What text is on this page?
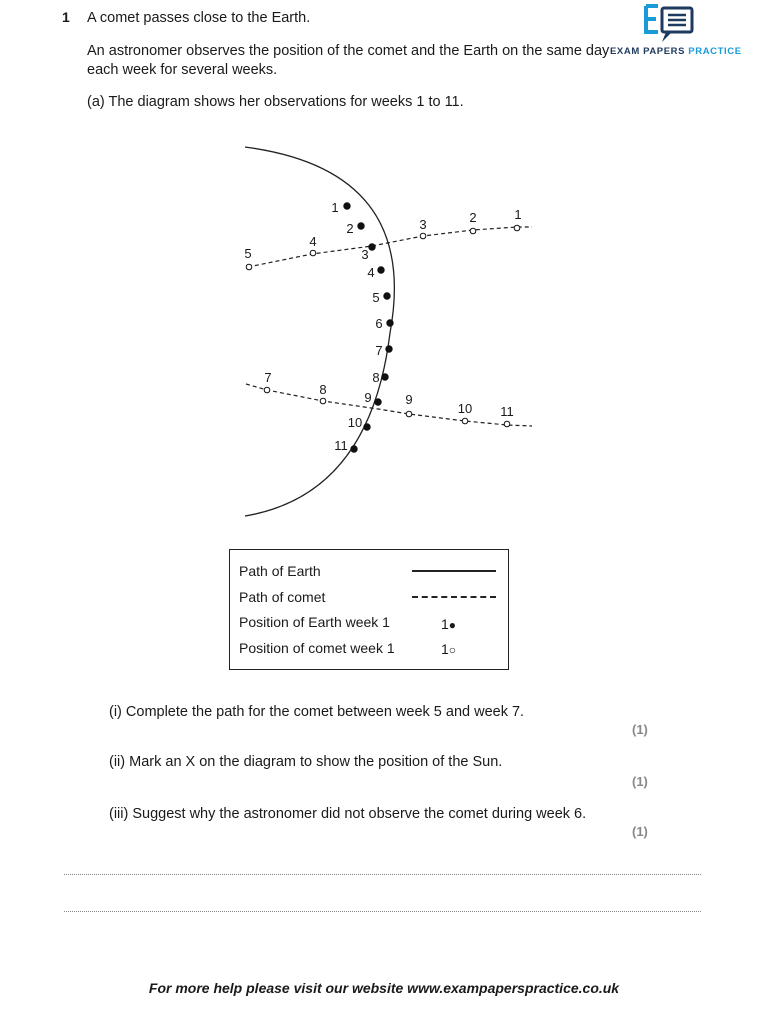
1 A comet passes close to the Earth.
An astronomer observes the position of the comet and the Earth on the same day
each week for several weeks.
(a) The diagram shows her observations for weeks 1 to 11.
EXAM PAPERS PRACTICE
1
2
3
4
5
6
7
8
9
10
11
5
4
3	2	1
7
8
9
10 11
Path of Earth
Path of comet
Position of Earth week 1	1●
Position of comet week 1	1○
(i) Complete the path for the comet between week 5 and week 7.
(1)
(ii) Mark an X on the diagram to show the position of the Sun.
(1)
(iii) Suggest why the astronomer did not observe the comet during week 6.
(1)
For more help please visit our website www.exampaperspractice.co.uk
